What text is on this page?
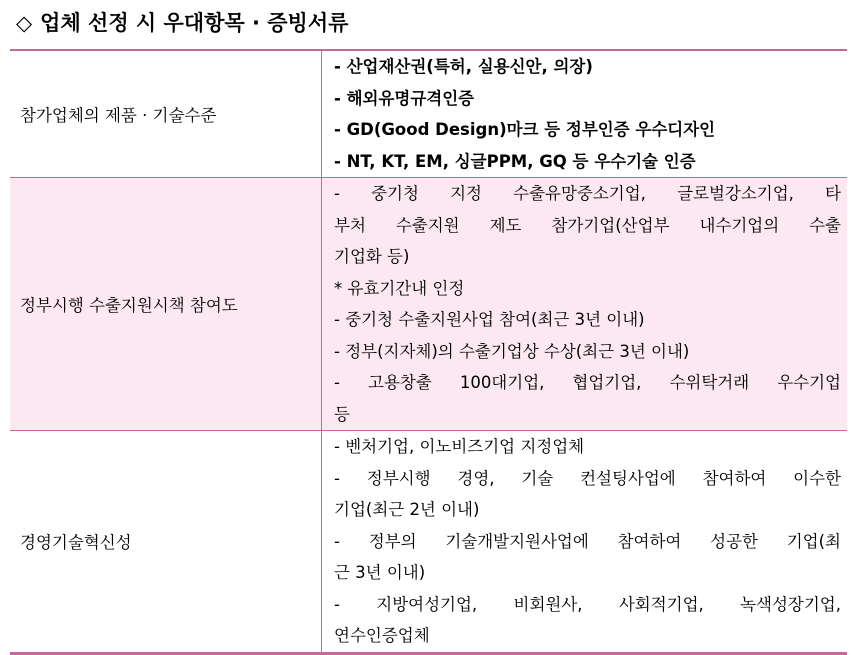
◇ 업체 선정 시 우대항목 · 증빙서류
참가업체의 제품 · 기술수준
- 산업재산권(특허, 실용신안, 의장)
- 해외유명규격인증
- GD(Good Design)마크 등 정부인증 우수디자인
- NT, KT, EM, 싱글PPM, GQ 등 우수기술 인증
정부시행 수출지원시책 참여도
- 중기청 지정 수출유망중소기업, 글로벌강소기업, 타
부처 수출지원 제도 참가기업(산업부 내수기업의 수출
기업화 등)
* 유효기간내 인정
- 중기청 수출지원사업 참여(최근 3년 이내)
- 정부(지자체)의 수출기업상 수상(최근 3년 이내)
- 고용창출 100대기업, 협업기업, 수위탁거래 우수기업
등
경영기술혁신성
- 벤처기업, 이노비즈기업 지정업체
- 정부시행 경영, 기술 컨설팅사업에 참여하여 이수한
기업(최근 2년 이내)
- 정부의 기술개발지원사업에 참여하여 성공한 기업(최
근 3년 이내)
- 지방여성기업, 비회원사, 사회적기업, 녹색성장기업,
연수인증업체
